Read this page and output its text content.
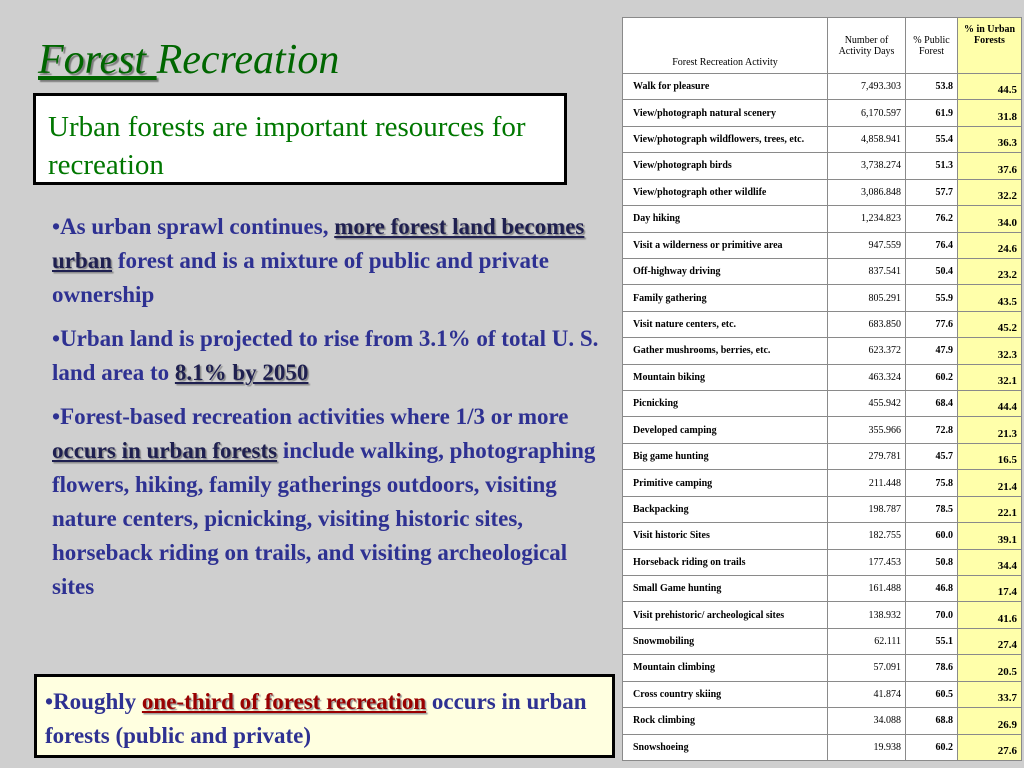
Forest Recreation
Urban forests are important resources for recreation

•As urban sprawl continues, more forest land becomes urban forest and is a mixture of public and private ownership

•Urban land is projected to rise from 3.1% of total U. S. land area to 8.1% by 2050

•Forest-based recreation activities where 1/3 or more occurs in urban forests include walking, photographing flowers, hiking, family gatherings outdoors, visiting nature centers, picnicking, visiting historic sites, horseback riding on trails, and visiting archeological sites

•Roughly one-third of forest recreation occurs in urban forests (public and private)
Forest Recreation Activity	Number of Activity Days	% Public Forest	% in Urban Forests
Walk for pleasure	7,493.303	53.8	44.5
View/photograph natural scenery	6,170.597	61.9	31.8
View/photograph wildflowers, trees, etc.	4,858.941	55.4	36.3
View/photograph birds	3,738.274	51.3	37.6
View/photograph other wildlife	3,086.848	57.7	32.2
Day hiking	1,234.823	76.2	34.0
Visit a wilderness or primitive area	947.559	76.4	24.6
Off-highway driving	837.541	50.4	23.2
Family gathering	805.291	55.9	43.5
Visit nature centers, etc.	683.850	77.6	45.2
Gather mushrooms, berries, etc.	623.372	47.9	32.3
Mountain biking	463.324	60.2	32.1
Picnicking	455.942	68.4	44.4
Developed camping	355.966	72.8	21.3
Big game hunting	279.781	45.7	16.5
Primitive camping	211.448	75.8	21.4
Backpacking	198.787	78.5	22.1
Visit historic Sites	182.755	60.0	39.1
Horseback riding on trails	177.453	50.8	34.4
Small Game hunting	161.488	46.8	17.4
Visit prehistoric/ archeological sites	138.932	70.0	41.6
Snowmobiling	62.111	55.1	27.4
Mountain climbing	57.091	78.6	20.5
Cross country skiing	41.874	60.5	33.7
Rock climbing	34.088	68.8	26.9
Snowshoeing	19.938	60.2	27.6
